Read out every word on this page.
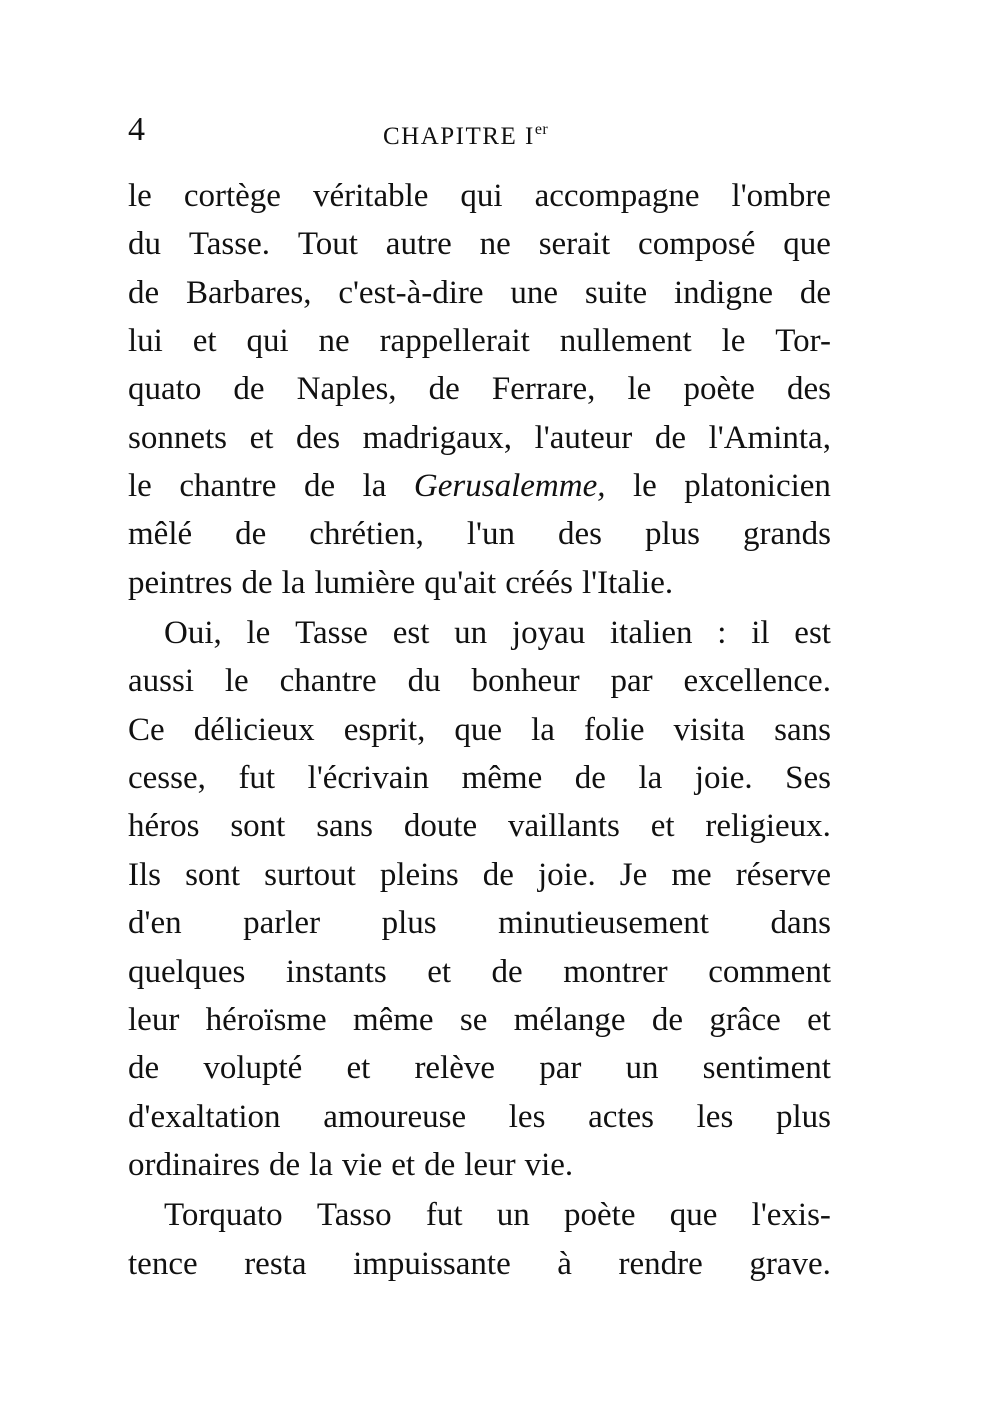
4	CHAPITRE Ier
le cortège véritable qui accompagne l'ombre
du Tasse. Tout autre ne serait composé que
de Barbares, c'est-à-dire une suite indigne de
lui et qui ne rappellerait nullement le Tor-
quato de Naples, de Ferrare, le poète des
sonnets et des madrigaux, l'auteur de l'Aminta,
le chantre de la Gerusalemme, le platonicien
mêlé de chrétien, l'un des plus grands
peintres de la lumière qu'ait créés l'Italie.
Oui, le Tasse est un joyau italien : il est
aussi le chantre du bonheur par excellence.
Ce délicieux esprit, que la folie visita sans
cesse, fut l'écrivain même de la joie. Ses
héros sont sans doute vaillants et religieux.
Ils sont surtout pleins de joie. Je me réserve
d'en parler plus minutieusement dans
quelques instants et de montrer comment
leur héroïsme même se mélange de grâce et
de volupté et relève par un sentiment
d'exaltation amoureuse les actes les plus
ordinaires de la vie et de leur vie.
Torquato Tasso fut un poète que l'exis-
tence resta impuissante à rendre grave.
